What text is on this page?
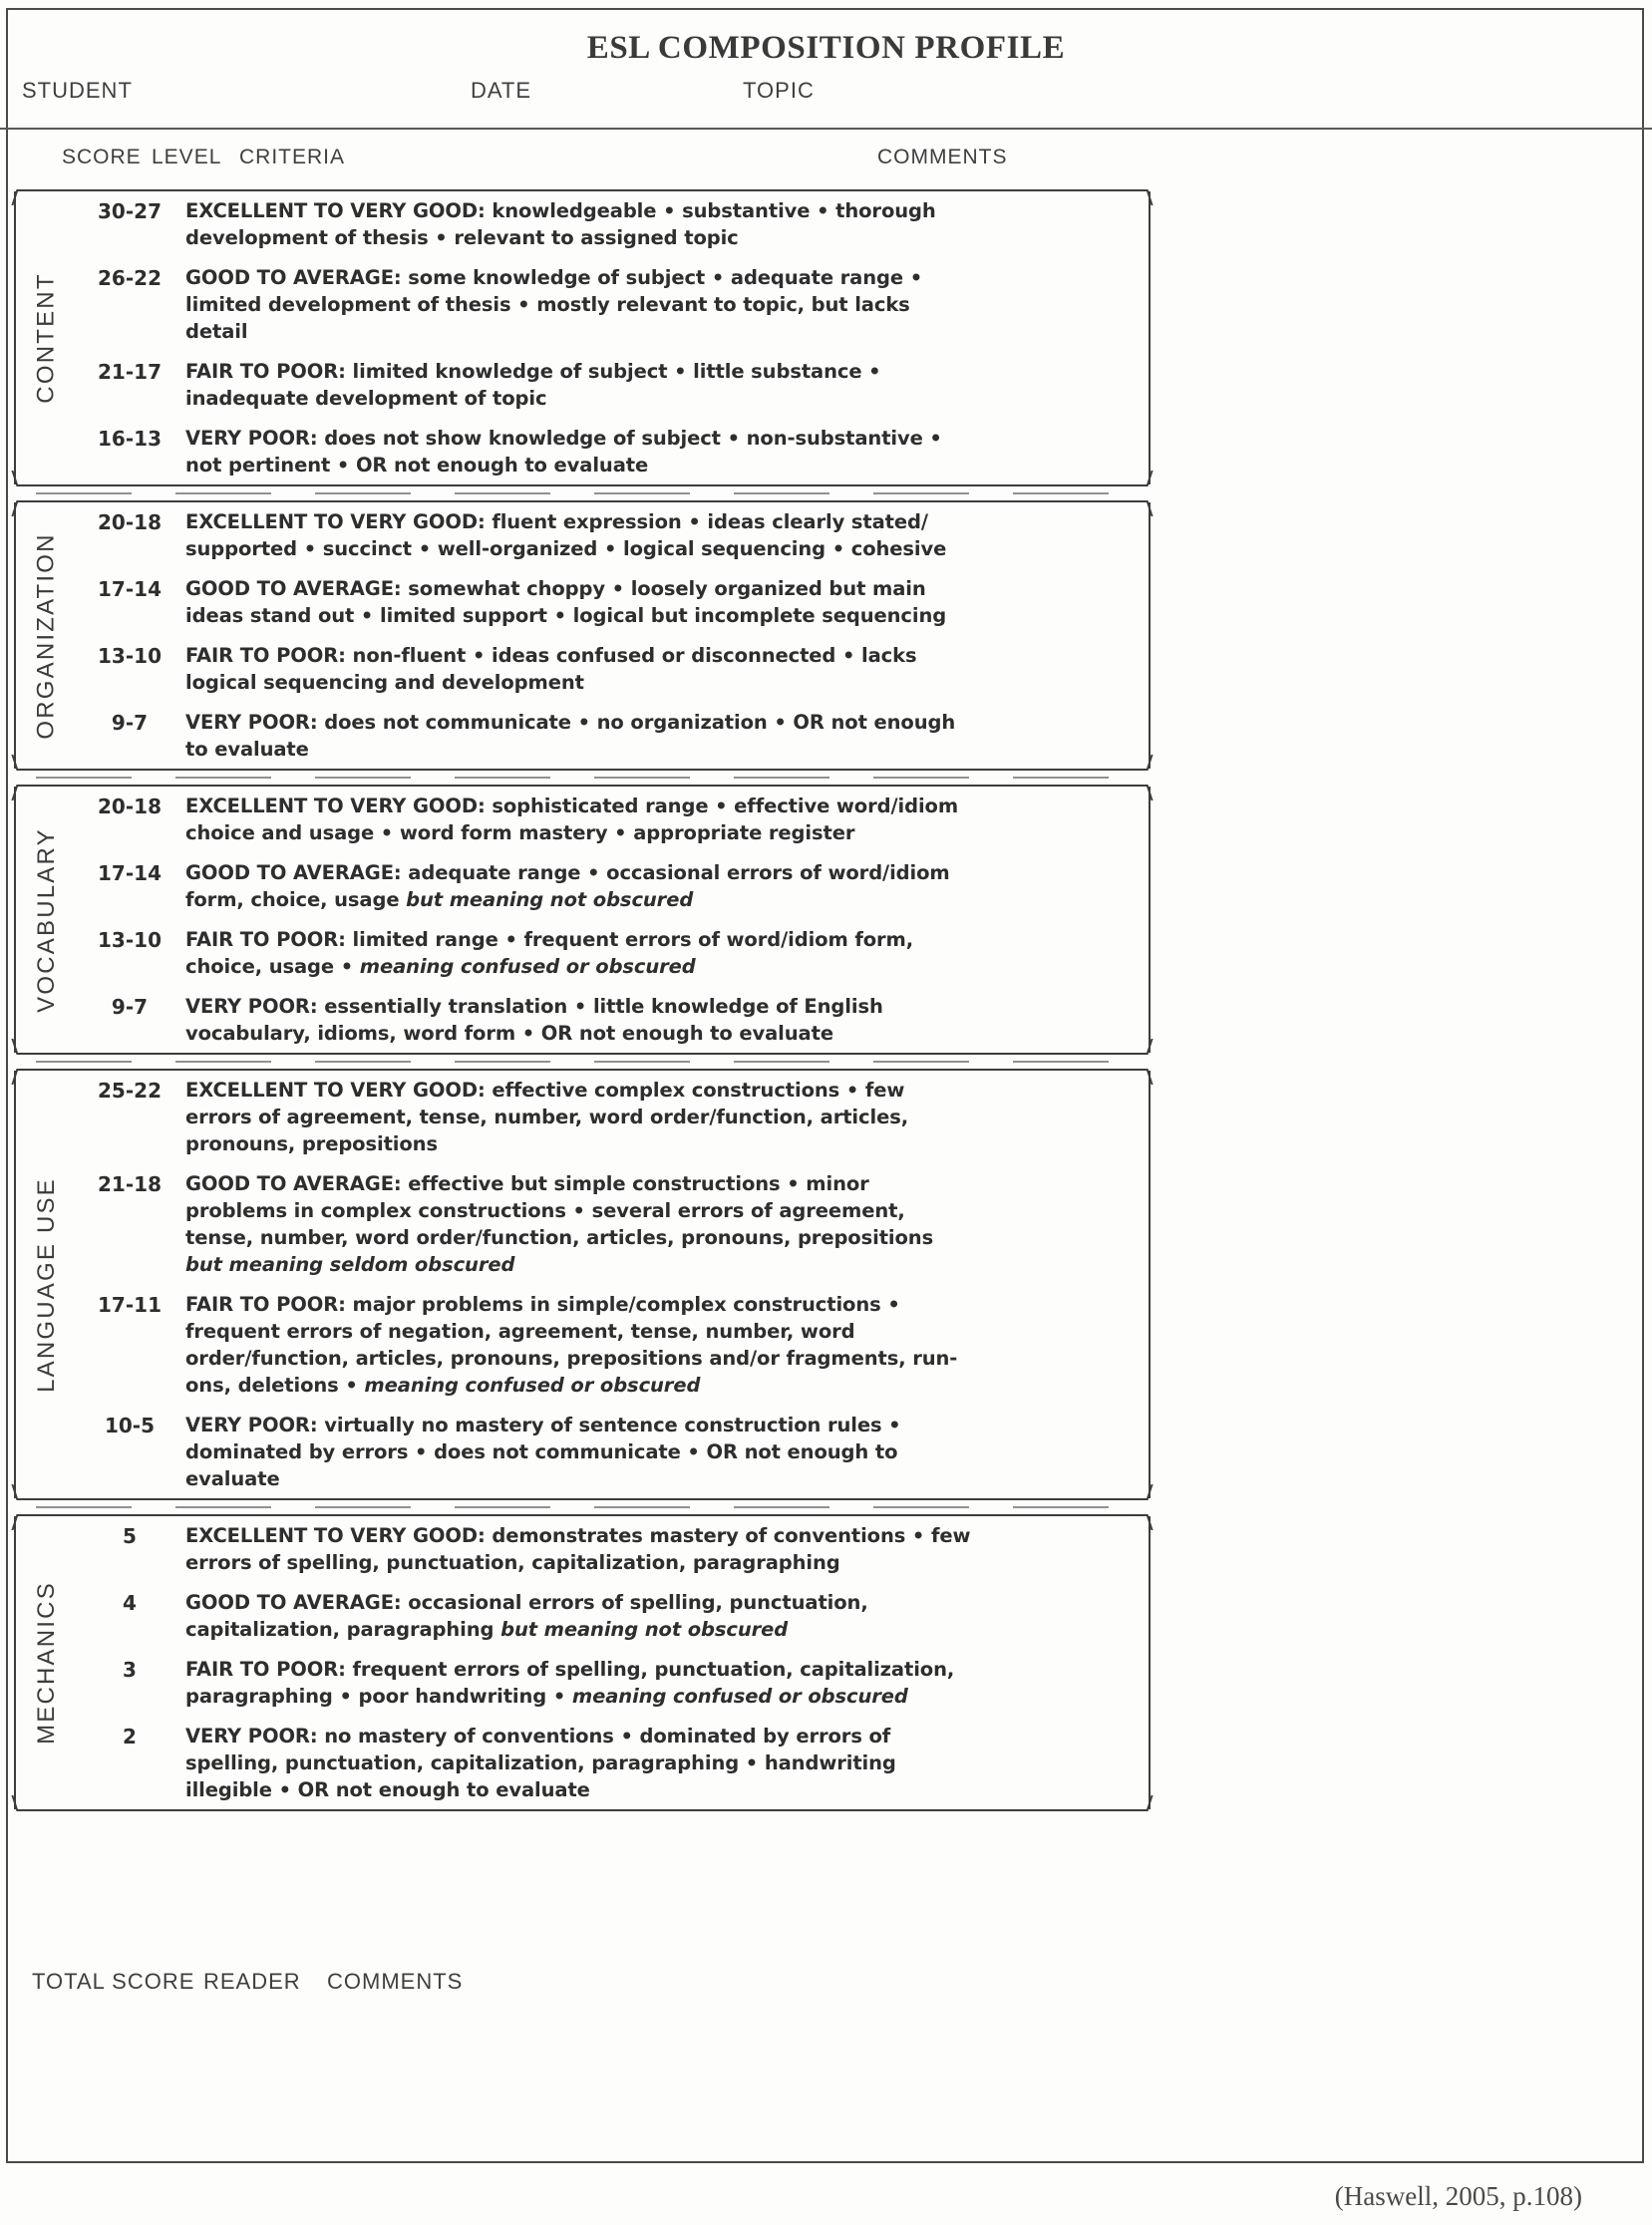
ESL COMPOSITION PROFILE
STUDENT	DATE	TOPIC
SCORE LEVEL CRITERIA	COMMENTS
CONTENT
30-27	EXCELLENT TO VERY GOOD: knowledgeable • substantive • thorough development of thesis • relevant to assigned topic
26-22	GOOD TO AVERAGE: some knowledge of subject • adequate range • limited development of thesis • mostly relevant to topic, but lacks detail
21-17	FAIR TO POOR: limited knowledge of subject • little substance • inadequate development of topic
16-13	VERY POOR: does not show knowledge of subject • non-substantive • not pertinent • OR not enough to evaluate
ORGANIZATION
20-18	EXCELLENT TO VERY GOOD: fluent expression • ideas clearly stated/ supported • succinct • well-organized • logical sequencing • cohesive
17-14	GOOD TO AVERAGE: somewhat choppy • loosely organized but main ideas stand out • limited support • logical but incomplete sequencing
13-10	FAIR TO POOR: non-fluent • ideas confused or disconnected • lacks logical sequencing and development
9-7	VERY POOR: does not communicate • no organization • OR not enough to evaluate
VOCABULARY
20-18	EXCELLENT TO VERY GOOD: sophisticated range • effective word/idiom choice and usage • word form mastery • appropriate register
17-14	GOOD TO AVERAGE: adequate range • occasional errors of word/idiom form, choice, usage but meaning not obscured
13-10	FAIR TO POOR: limited range • frequent errors of word/idiom form, choice, usage • meaning confused or obscured
9-7	VERY POOR: essentially translation • little knowledge of English vocabulary, idioms, word form • OR not enough to evaluate
LANGUAGE USE
25-22	EXCELLENT TO VERY GOOD: effective complex constructions • few errors of agreement, tense, number, word order/function, articles, pronouns, prepositions
21-18	GOOD TO AVERAGE: effective but simple constructions • minor problems in complex constructions • several errors of agreement, tense, number, word order/function, articles, pronouns, prepositions but meaning seldom obscured
17-11	FAIR TO POOR: major problems in simple/complex constructions • frequent errors of negation, agreement, tense, number, word order/function, articles, pronouns, prepositions and/or fragments, run-ons, deletions • meaning confused or obscured
10-5	VERY POOR: virtually no mastery of sentence construction rules • dominated by errors • does not communicate • OR not enough to evaluate
MECHANICS
5	EXCELLENT TO VERY GOOD: demonstrates mastery of conventions • few errors of spelling, punctuation, capitalization, paragraphing
4	GOOD TO AVERAGE: occasional errors of spelling, punctuation, capitalization, paragraphing but meaning not obscured
3	FAIR TO POOR: frequent errors of spelling, punctuation, capitalization, paragraphing • poor handwriting • meaning confused or obscured
2	VERY POOR: no mastery of conventions • dominated by errors of spelling, punctuation, capitalization, paragraphing • handwriting illegible • OR not enough to evaluate
TOTAL SCORE READER COMMENTS
(Haswell, 2005, p.108)
